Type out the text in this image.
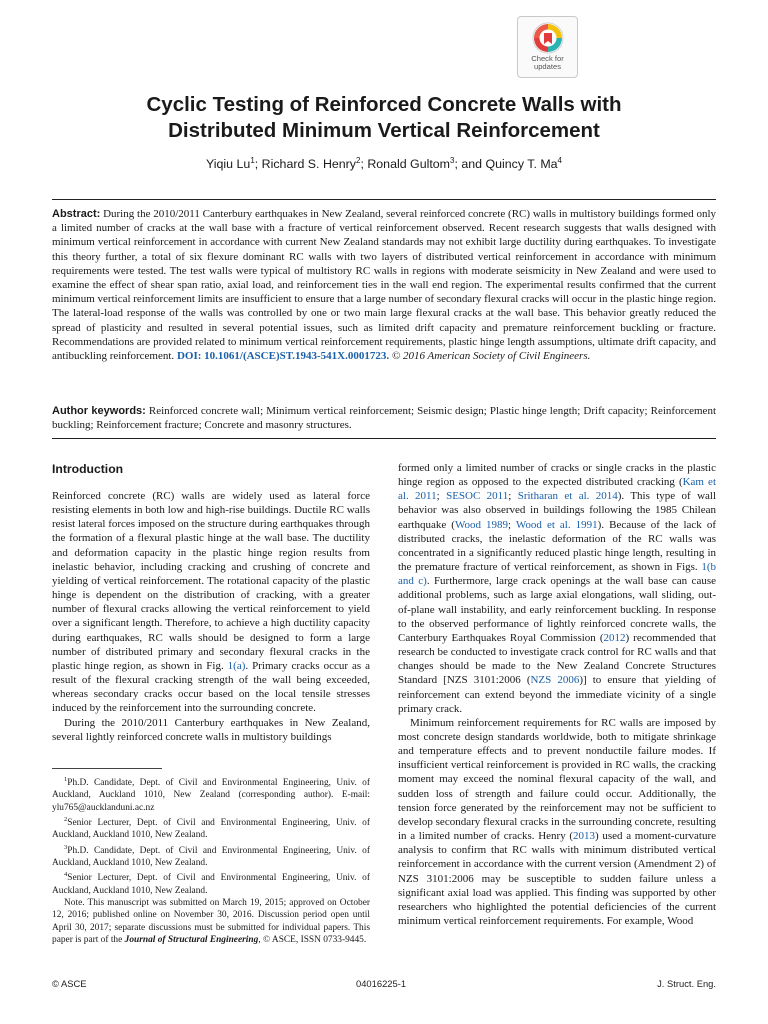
Check for
updates
Cyclic Testing of Reinforced Concrete Walls with
Distributed Minimum Vertical Reinforcement
Yiqiu Lu$^1$; Richard S. Henry$^2$; Ronald Gultom$^3$; and Quincy T. Ma$^4$
Abstract: During the 2010/2011 Canterbury earthquakes in New Zealand, several reinforced concrete (RC) walls in multistory buildings formed only a limited number of cracks at the wall base with a fracture of vertical reinforcement observed. Recent research suggests that walls designed with minimum vertical reinforcement in accordance with current New Zealand standards may not exhibit large ductility during earthquakes. To investigate this theory further, a total of six flexure dominant RC walls with two layers of distributed vertical reinforcement in accordance with minimum requirements were tested. The test walls were typical of multistory RC walls in regions with moderate seismicity in New Zealand and were used to examine the effect of shear span ratio, axial load, and reinforcement ties in the wall end region. The experimental results confirmed that the current minimum vertical reinforcement limits are insufficient to ensure that a large number of secondary flexural cracks will occur in the plastic hinge region. The lateral-load response of the walls was controlled by one or two main large flexural cracks at the wall base. This behavior greatly reduced the spread of plasticity and resulted in several potential issues, such as limited drift capacity and premature reinforcement buckling or fracture. Recommendations are provided related to minimum vertical reinforcement requirements, plastic hinge length assumptions, ultimate drift capacity, and antibuckling reinforcement. DOI: 10.1061/(ASCE)ST.1943-541X.0001723. © 2016 American Society of Civil Engineers.
Author keywords: Reinforced concrete wall; Minimum vertical reinforcement; Seismic design; Plastic hinge length; Drift capacity; Reinforcement buckling; Reinforcement fracture; Concrete and masonry structures.
Introduction

Reinforced concrete (RC) walls are widely used as lateral force resisting elements in both low and high-rise buildings. Ductile RC walls resist lateral forces imposed on the structure during earthquakes through the formation of a flexural plastic hinge at the wall base. The ductility and deformation capacity in the plastic hinge region results from inelastic behavior, including cracking and crushing of concrete and yielding of vertical reinforcement. The rotational capacity of the plastic hinge is dependent on the distribution of cracking, with a greater number of flexural cracks allowing the vertical reinforcement to yield over a significant length. Therefore, to achieve a high ductility capacity during earthquakes, RC walls should be designed to form a large number of distributed primary and secondary flexural cracks in the plastic hinge region, as shown in Fig. 1(a). Primary cracks occur as a result of the flexural cracking strength of the wall being exceeded, whereas secondary cracks occur based on the local tensile stresses induced by the reinforcement into the surrounding concrete.

During the 2010/2011 Canterbury earthquakes in New Zealand, several lightly reinforced concrete walls in multistory buildings

$^1$Ph.D. Candidate, Dept. of Civil and Environmental Engineering, Univ. of Auckland, Auckland 1010, New Zealand (corresponding author). E-mail: ylu765@aucklanduni.ac.nz

$^2$Senior Lecturer, Dept. of Civil and Environmental Engineering, Univ. of Auckland, Auckland 1010, New Zealand.

$^3$Ph.D. Candidate, Dept. of Civil and Environmental Engineering, Univ. of Auckland, Auckland 1010, New Zealand.

$^4$Senior Lecturer, Dept. of Civil and Environmental Engineering, Univ. of Auckland, Auckland 1010, New Zealand.

Note. This manuscript was submitted on March 19, 2015; approved on October 12, 2016; published online on November 30, 2016. Discussion period open until April 30, 2017; separate discussions must be submitted for individual papers. This paper is part of the Journal of Structural Engineering, © ASCE, ISSN 0733-9445.

formed only a limited number of cracks or single cracks in the plastic hinge region as opposed to the expected distributed cracking (Kam et al. 2011; SESOC 2011; Sritharan et al. 2014). This type of wall behavior was also observed in buildings following the 1985 Chilean earthquake (Wood 1989; Wood et al. 1991). Because of the lack of distributed cracks, the inelastic deformation of the RC walls was concentrated in a significantly reduced plastic hinge length, resulting in the premature fracture of vertical reinforcement, as shown in Figs. 1(b and c). Furthermore, large crack openings at the wall base can cause additional problems, such as large axial elongations, wall sliding, out-of-plane wall instability, and early reinforcement buckling. In response to the observed performance of lightly reinforced concrete walls, the Canterbury Earthquakes Royal Commission (2012) recommended that research be conducted to investigate crack control for RC walls and that changes should be made to the New Zealand Concrete Structures Standard [NZS 3101:2006 (NZS 2006)] to ensure that yielding of reinforcement can extend beyond the immediate vicinity of a single primary crack.

Minimum reinforcement requirements for RC walls are imposed by most concrete design standards worldwide, both to mitigate shrinkage and temperature effects and to prevent nonductile failure modes. If insufficient vertical reinforcement is provided in RC walls, the cracking moment may exceed the nominal flexural capacity of the wall, and sudden loss of strength and failure could occur. Additionally, the tension force generated by the reinforcement may not be sufficient to develop secondary flexural cracks in the surrounding concrete, resulting in a limited number of cracks. Henry (2013) used a moment-curvature analysis to confirm that RC walls with minimum distributed vertical reinforcement in accordance with the current version (Amendment 2) of NZS 3101:2006 may be susceptible to sudden failure unless a significant axial load was applied. This finding was supported by other researchers who highlighted the potential deficiencies of the current minimum vertical reinforcement requirements. For example, Wood

© ASCE	04016225-1	J. Struct. Eng.
